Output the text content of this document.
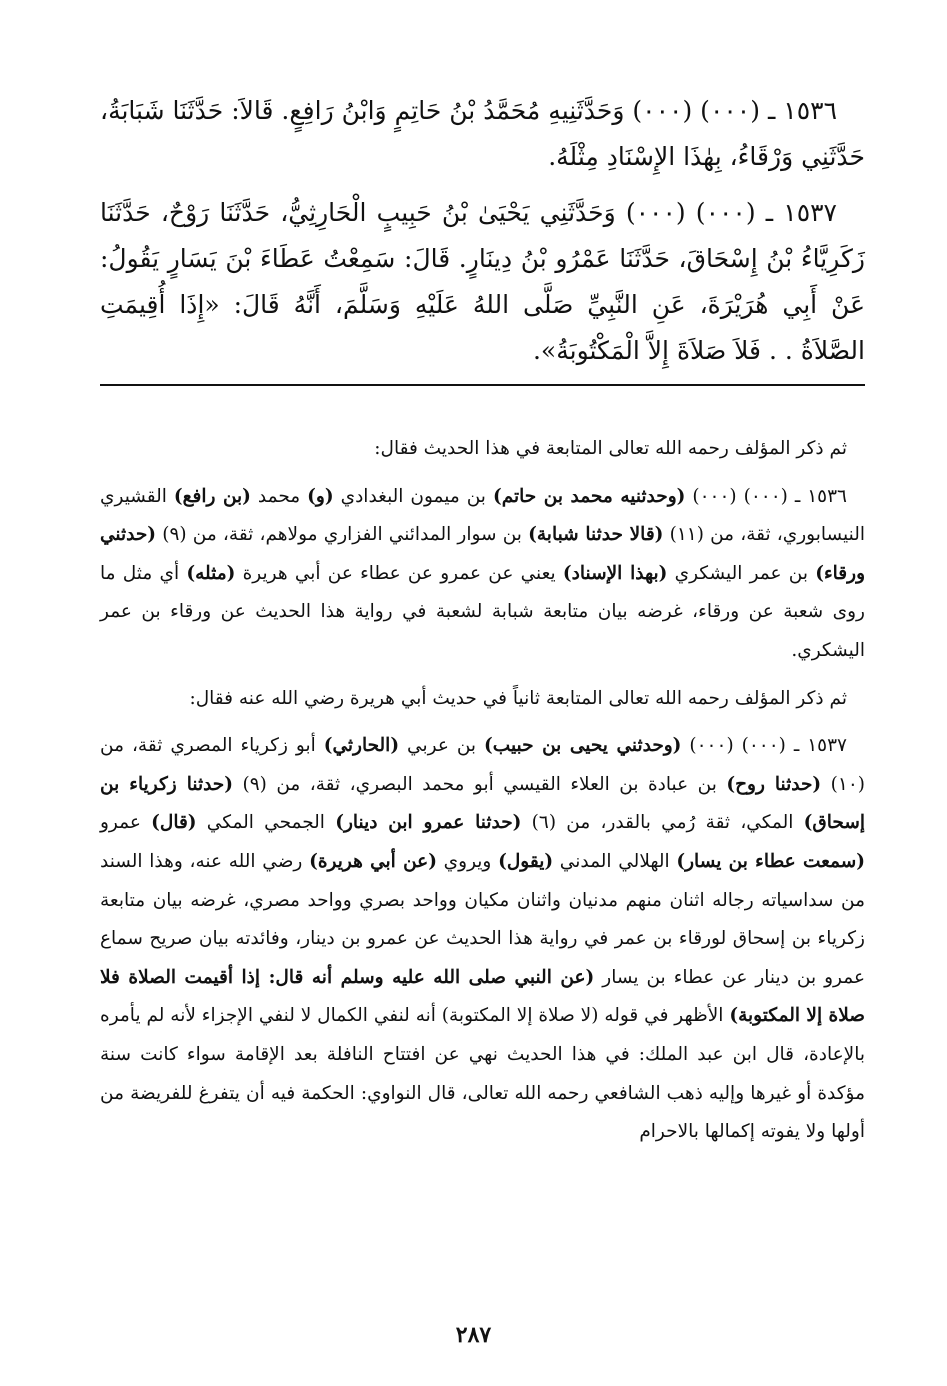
١٥٣٦ ـ (٠٠٠) (٠٠٠) وَحَدَّثَنِيهِ مُحَمَّدُ بْنُ حَاتِمٍ وَابْنُ رَافِعٍ. قَالاَ: حَدَّثَنَا شَبَابَةُ، حَدَّثَنِي وَرْقَاءُ، بِهٰذَا الإِسْنَادِ مِثْلَهُ.

١٥٣٧ ـ (٠٠٠) (٠٠٠) وَحَدَّثَنِي يَحْيَىٰ بْنُ حَبِيبٍ الْحَارِثِيُّ، حَدَّثَنَا رَوْحٌ، حَدَّثَنَا زَكَرِيَّاءُ بْنُ إِسْحَاقَ، حَدَّثَنَا عَمْرُو بْنُ دِينَارٍ. قَالَ: سَمِعْتُ عَطَاءَ بْنَ يَسَارٍ يَقُولُ: عَنْ أَبِي هُرَيْرَةَ، عَنِ النَّبِيِّ صَلَّى اللهُ عَلَيْهِ وَسَلَّمَ، أَنَّهُ قَالَ: «إِذَا أُقِيمَتِ الصَّلاَةُ . . فَلاَ صَلاَةَ إِلاَّ الْمَكْتُوبَةُ».

ثم ذكر المؤلف رحمه الله تعالى المتابعة في هذا الحديث فقال:

١٥٣٦ ـ (٠٠٠) (٠٠٠) (وحدثنيه محمد بن حاتم) بن ميمون البغدادي (و) محمد (بن رافع) القشيري النيسابوري، ثقة، من (١١) (قالا حدثنا شبابة) بن سوار المدائني الفزاري مولاهم، ثقة، من (٩) (حدثني ورقاء) بن عمر اليشكري (بهذا الإسناد) يعني عن عمرو عن عطاء عن أبي هريرة (مثله) أي مثل ما روى شعبة عن ورقاء، غرضه بيان متابعة شبابة لشعبة في رواية هذا الحديث عن ورقاء بن عمر اليشكري.

ثم ذكر المؤلف رحمه الله تعالى المتابعة ثانياً في حديث أبي هريرة رضي الله عنه فقال:

١٥٣٧ ـ (٠٠٠) (٠٠٠) (وحدثني يحيى بن حبيب) بن عربي (الحارثي) أبو زكرياء المصري ثقة، من (١٠) (حدثنا روح) بن عبادة بن العلاء القيسي أبو محمد البصري، ثقة، من (٩) (حدثنا زكرياء بن إسحاق) المكي، ثقة رُمي بالقدر، من (٦) (حدثنا عمرو ابن دينار) الجمحي المكي (قال) عمرو (سمعت عطاء بن يسار) الهلالي المدني (يقول) ويروي (عن أبي هريرة) رضي الله عنه، وهذا السند من سداسياته رجاله اثنان منهم مدنيان واثنان مكيان وواحد بصري وواحد مصري، غرضه بيان متابعة زكرياء بن إسحاق لورقاء بن عمر في رواية هذا الحديث عن عمرو بن دينار، وفائدته بيان صريح سماع عمرو بن دينار عن عطاء بن يسار (عن النبي صلى الله عليه وسلم أنه قال: إذا أقيمت الصلاة فلا صلاة إلا المكتوبة) الأظهر في قوله (لا صلاة إلا المكتوبة) أنه لنفي الكمال لا لنفي الإجزاء لأنه لم يأمره بالإعادة، قال ابن عبد الملك: في هذا الحديث نهي عن افتتاح النافلة بعد الإقامة سواء كانت سنة مؤكدة أو غيرها وإليه ذهب الشافعي رحمه الله تعالى، قال النواوي: الحكمة فيه أن يتفرغ للفريضة من أولها ولا يفوته إكمالها بالاحرام

٢٨٧
